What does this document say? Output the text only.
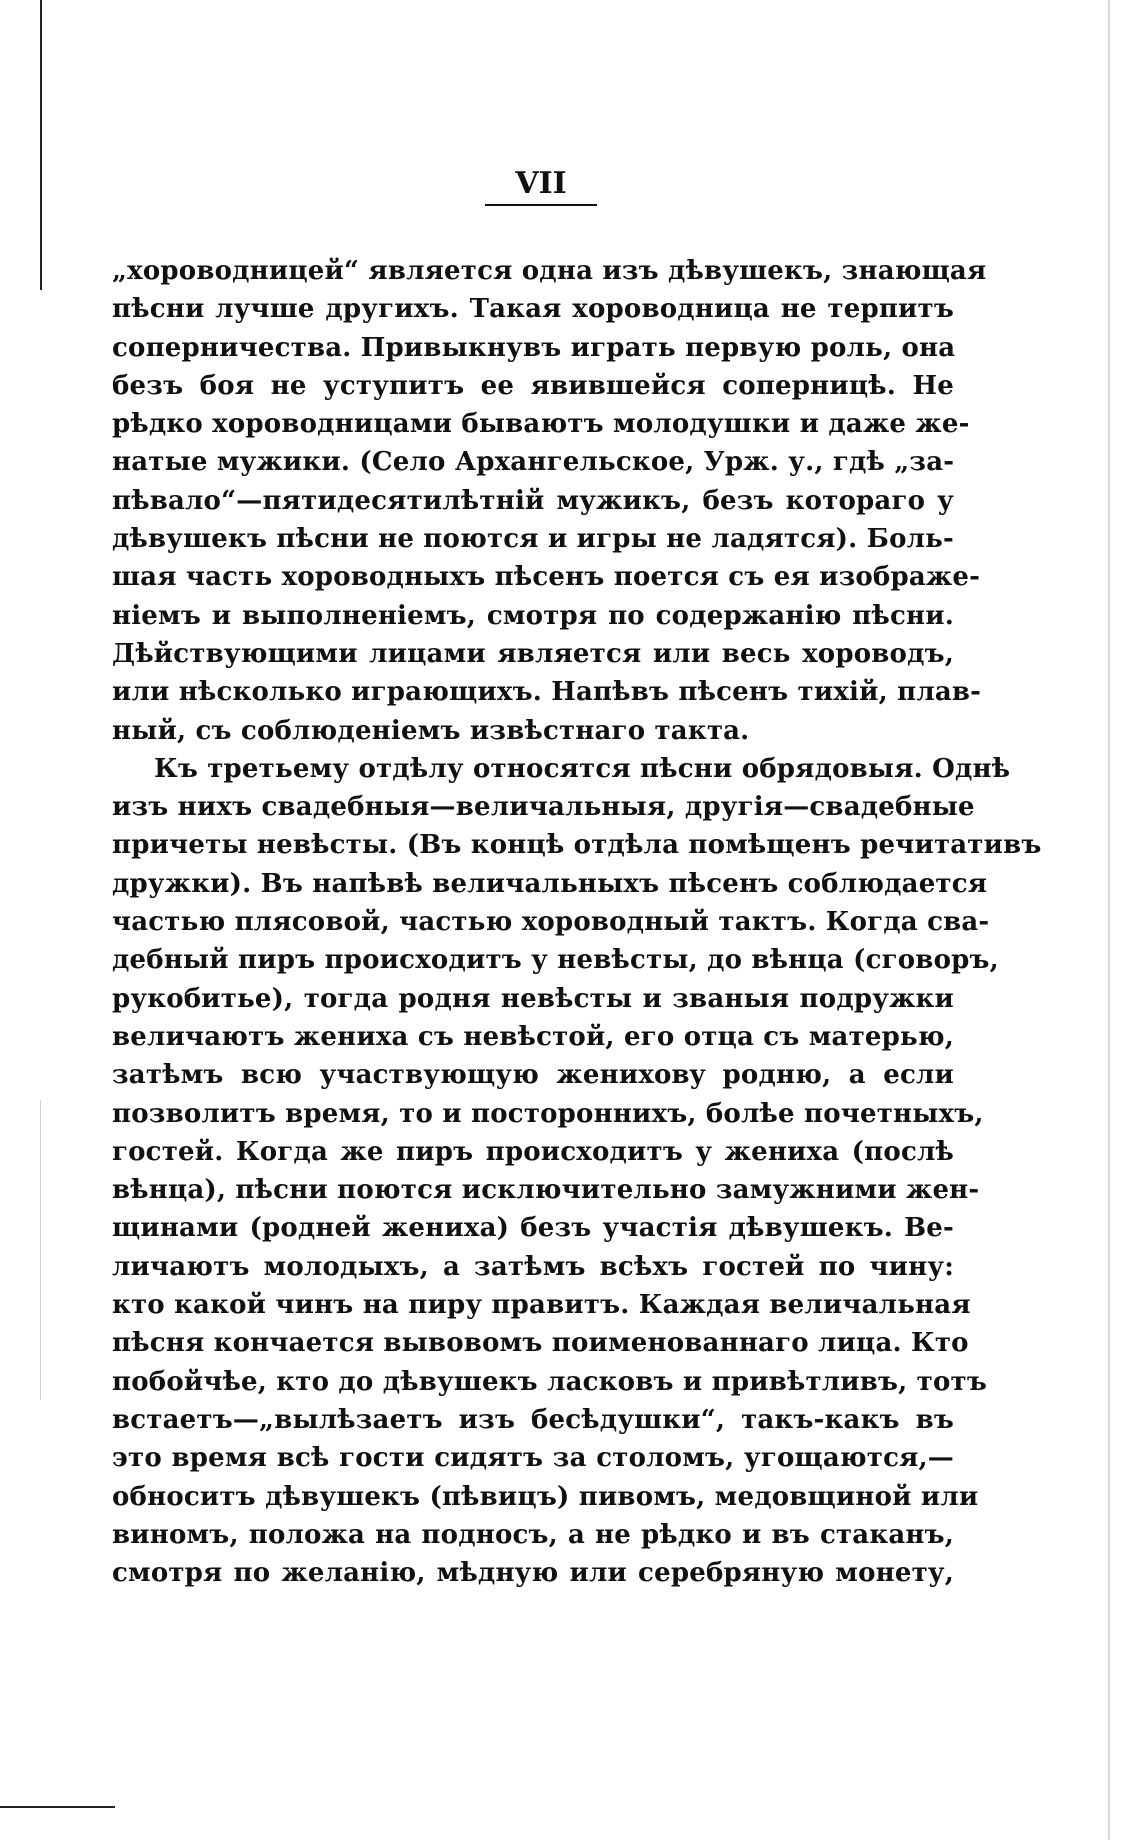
VII
„хороводницей“ является одна изъ дѣвушекъ, знающая
пѣсни лучше другихъ. Такая хороводница не терпитъ
соперничества. Привыкнувъ играть первую роль, она
безъ боя не уступитъ ее явившейся соперницѣ. Не
рѣдко хороводницами бываютъ молодушки и даже же-
натые мужики. (Село Архангельское, Урж. у., гдѣ „за-
пѣвало“—пятидесятилѣтній мужикъ, безъ котораго у
дѣвушекъ пѣсни не поются и игры не ладятся). Боль-
шая часть хороводныхъ пѣсенъ поется съ ея изображе-
ніемъ и выполненіемъ, смотря по содержанію пѣсни.
Дѣйствующими лицами является или весь хороводъ,
или нѣсколько играющихъ. Напѣвъ пѣсенъ тихій, плав-
ный, съ соблюденіемъ извѣстнаго такта.
Къ третьему отдѣлу относятся пѣсни обрядовыя. Однѣ
изъ нихъ свадебныя—величальныя, другія—свадебные
причеты невѣсты. (Въ концѣ отдѣла помѣщенъ речитативъ
дружки). Въ напѣвѣ величальныхъ пѣсенъ соблюдается
частью плясовой, частью хороводный тактъ. Когда сва-
дебный пиръ происходитъ у невѣсты, до вѣнца (сговоръ,
рукобитье), тогда родня невѣсты и званыя подружки
величаютъ жениха съ невѣстой, его отца съ матерью,
затѣмъ всю участвующую жениховy родню, а если
позволитъ время, то и постороннихъ, болѣе почетныхъ,
гостей. Когда же пиръ происходитъ у жениха (послѣ
вѣнца), пѣсни поются исключительно замужними жен-
щинами (родней жениха) безъ участія дѣвушекъ. Be-
личаютъ молодыхъ, а затѣмъ всѣхъ гостей по чину:
кто какой чинъ на пиру правитъ. Каждая величальная
пѣсня кончается вывовомъ поименованнаго лица. Кто
побойчѣе, кто до дѣвушекъ ласковъ и привѣтливъ, тотъ
встаетъ—„вылѣзаетъ изъ бесѣдушки“, такъ-какъ въ
это время всѣ гости сидятъ за столомъ, угощаются,—
обноситъ дѣвушекъ (пѣвицъ) пивомъ, медовщиной или
виномъ, положа на подносъ, а не рѣдко и въ стаканъ,
смотря по желанію, мѣдную или серебряную монету,
